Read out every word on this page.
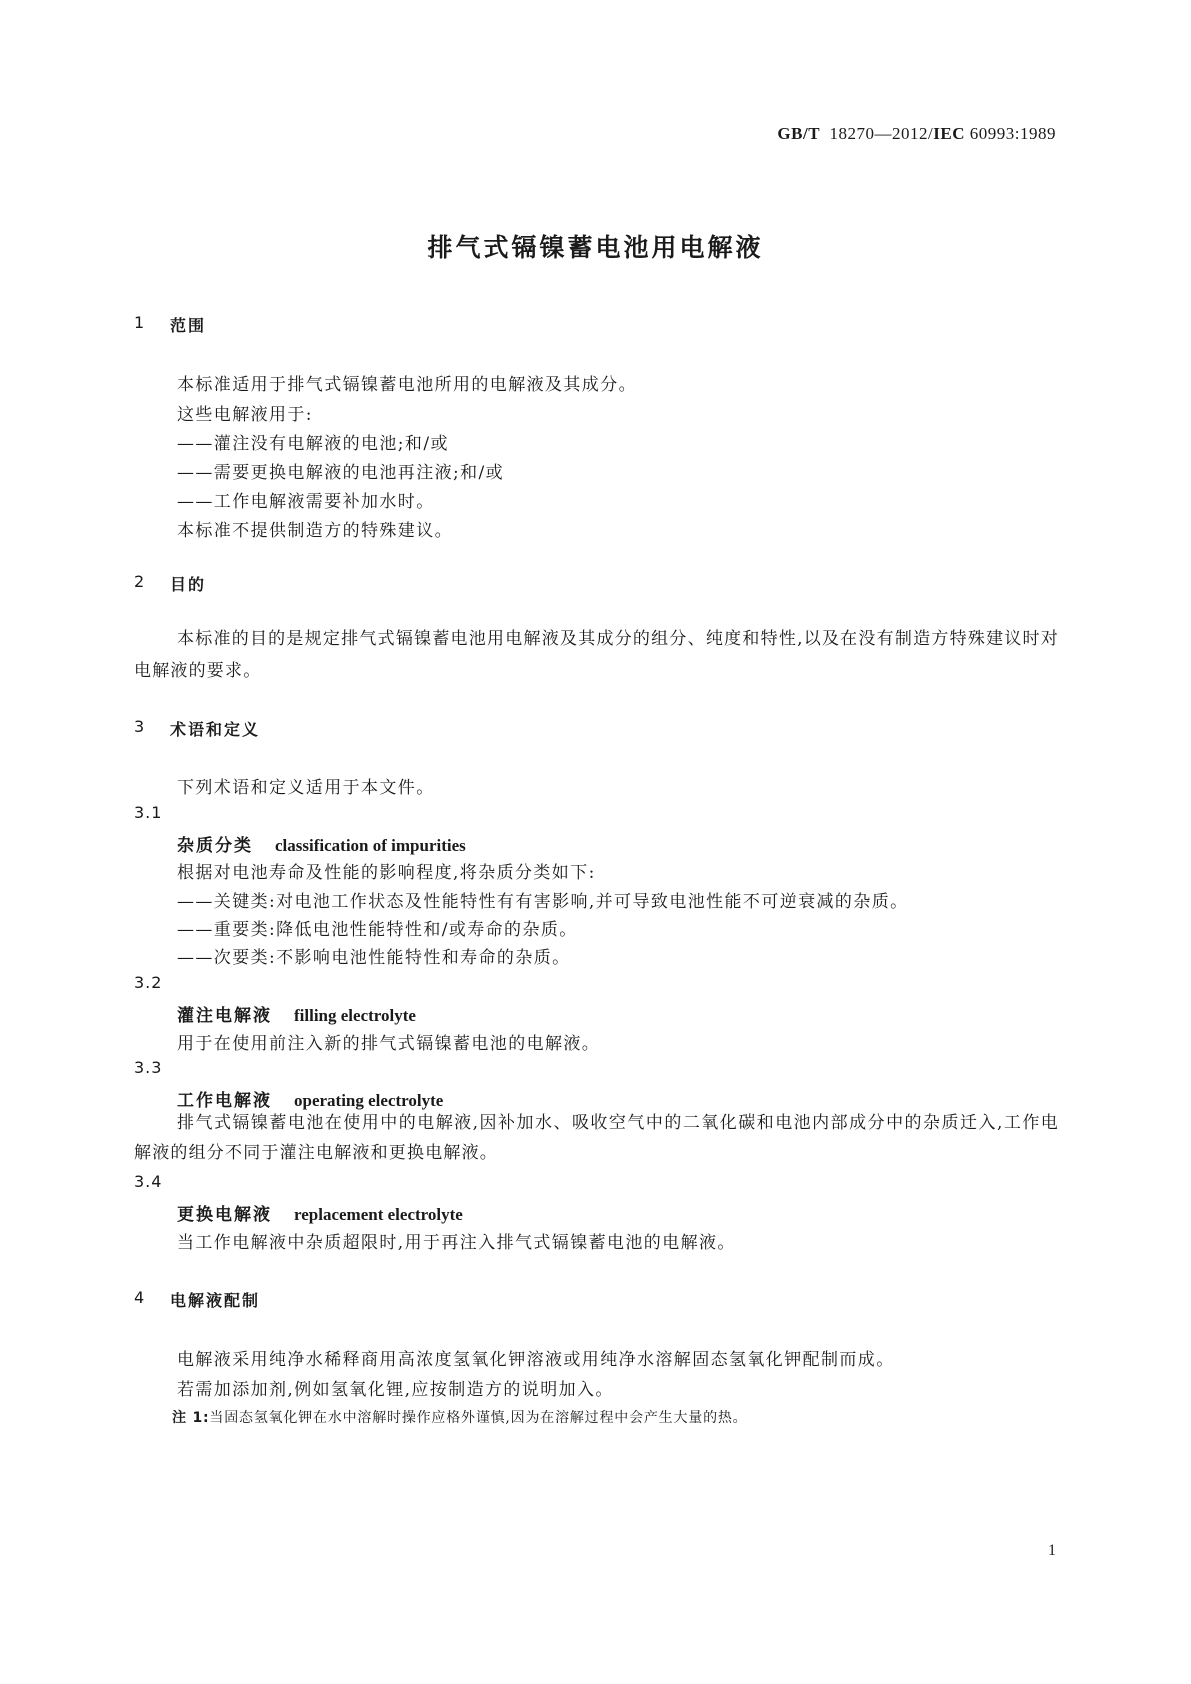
GB/T 18270—2012/IEC 60993:1989
排气式镉镍蓄电池用电解液
1 范围
本标准适用于排气式镉镍蓄电池所用的电解液及其成分。
这些电解液用于:
——灌注没有电解液的电池;和/或
——需要更换电解液的电池再注液;和/或
——工作电解液需要补加水时。
本标准不提供制造方的特殊建议。
2 目的
本标准的目的是规定排气式镉镍蓄电池用电解液及其成分的组分、纯度和特性,以及在没有制造方特殊建议时对电解液的要求。
3 术语和定义
下列术语和定义适用于本文件。
3.1
杂质分类 classification of impurities
根据对电池寿命及性能的影响程度,将杂质分类如下:
——关键类:对电池工作状态及性能特性有有害影响,并可导致电池性能不可逆衰减的杂质。
——重要类:降低电池性能特性和/或寿命的杂质。
——次要类:不影响电池性能特性和寿命的杂质。
3.2
灌注电解液 filling electrolyte
用于在使用前注入新的排气式镉镍蓄电池的电解液。
3.3
工作电解液 operating electrolyte
排气式镉镍蓄电池在使用中的电解液,因补加水、吸收空气中的二氧化碳和电池内部成分中的杂质迁入,工作电解液的组分不同于灌注电解液和更换电解液。
3.4
更换电解液 replacement electrolyte
当工作电解液中杂质超限时,用于再注入排气式镉镍蓄电池的电解液。
4 电解液配制
电解液采用纯净水稀释商用高浓度氢氧化钾溶液或用纯净水溶解固态氢氧化钾配制而成。
若需加添加剂,例如氢氧化锂,应按制造方的说明加入。
注 1:当固态氢氧化钾在水中溶解时操作应格外谨慎,因为在溶解过程中会产生大量的热。
1
